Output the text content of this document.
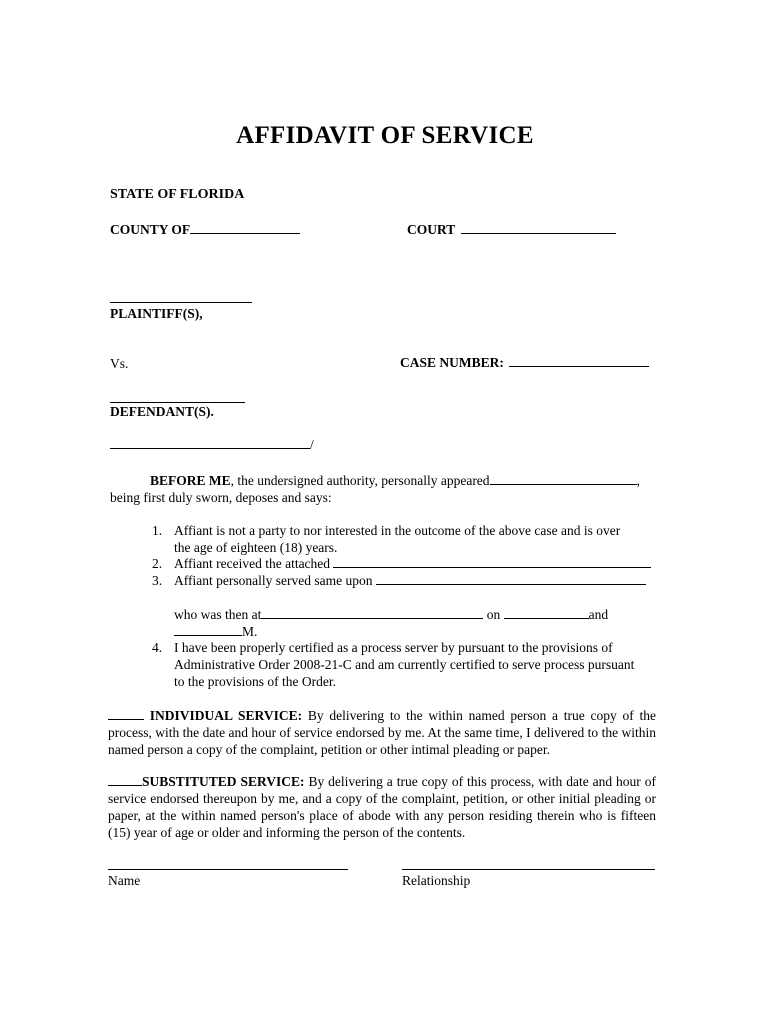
AFFIDAVIT OF SERVICE
STATE OF FLORIDA
COUNTY OF	COURT
PLAINTIFF(S),
Vs.	CASE NUMBER:
DEFENDANT(S).
/
BEFORE ME, the undersigned authority, personally appeared	,
being first duly sworn, deposes and says:
1. Affiant is not a party to nor interested in the outcome of the above case and is over
the age of eighteen (18) years.
2. Affiant received the attached
3. Affiant personally served same upon
who was then at	on	and
M.
4. I have been properly certified as a process server by pursuant to the provisions of
Administrative Order 2008-21-C and am currently certified to serve process pursuant
to the provisions of the Order.
INDIVIDUAL SERVICE: By delivering to the within named person a true copy of the process, with the date and hour of service endorsed by me. At the same time, I delivered to the within named person a copy of the complaint, petition or other intimal pleading or paper.
SUBSTITUTED SERVICE: By delivering a true copy of this process, with date and hour of service endorsed thereupon by me, and a copy of the complaint, petition, or other initial pleading or paper, at the within named person's place of abode with any person residing therein who is fifteen (15) year of age or older and informing the person of the contents.
Name	Relationship
